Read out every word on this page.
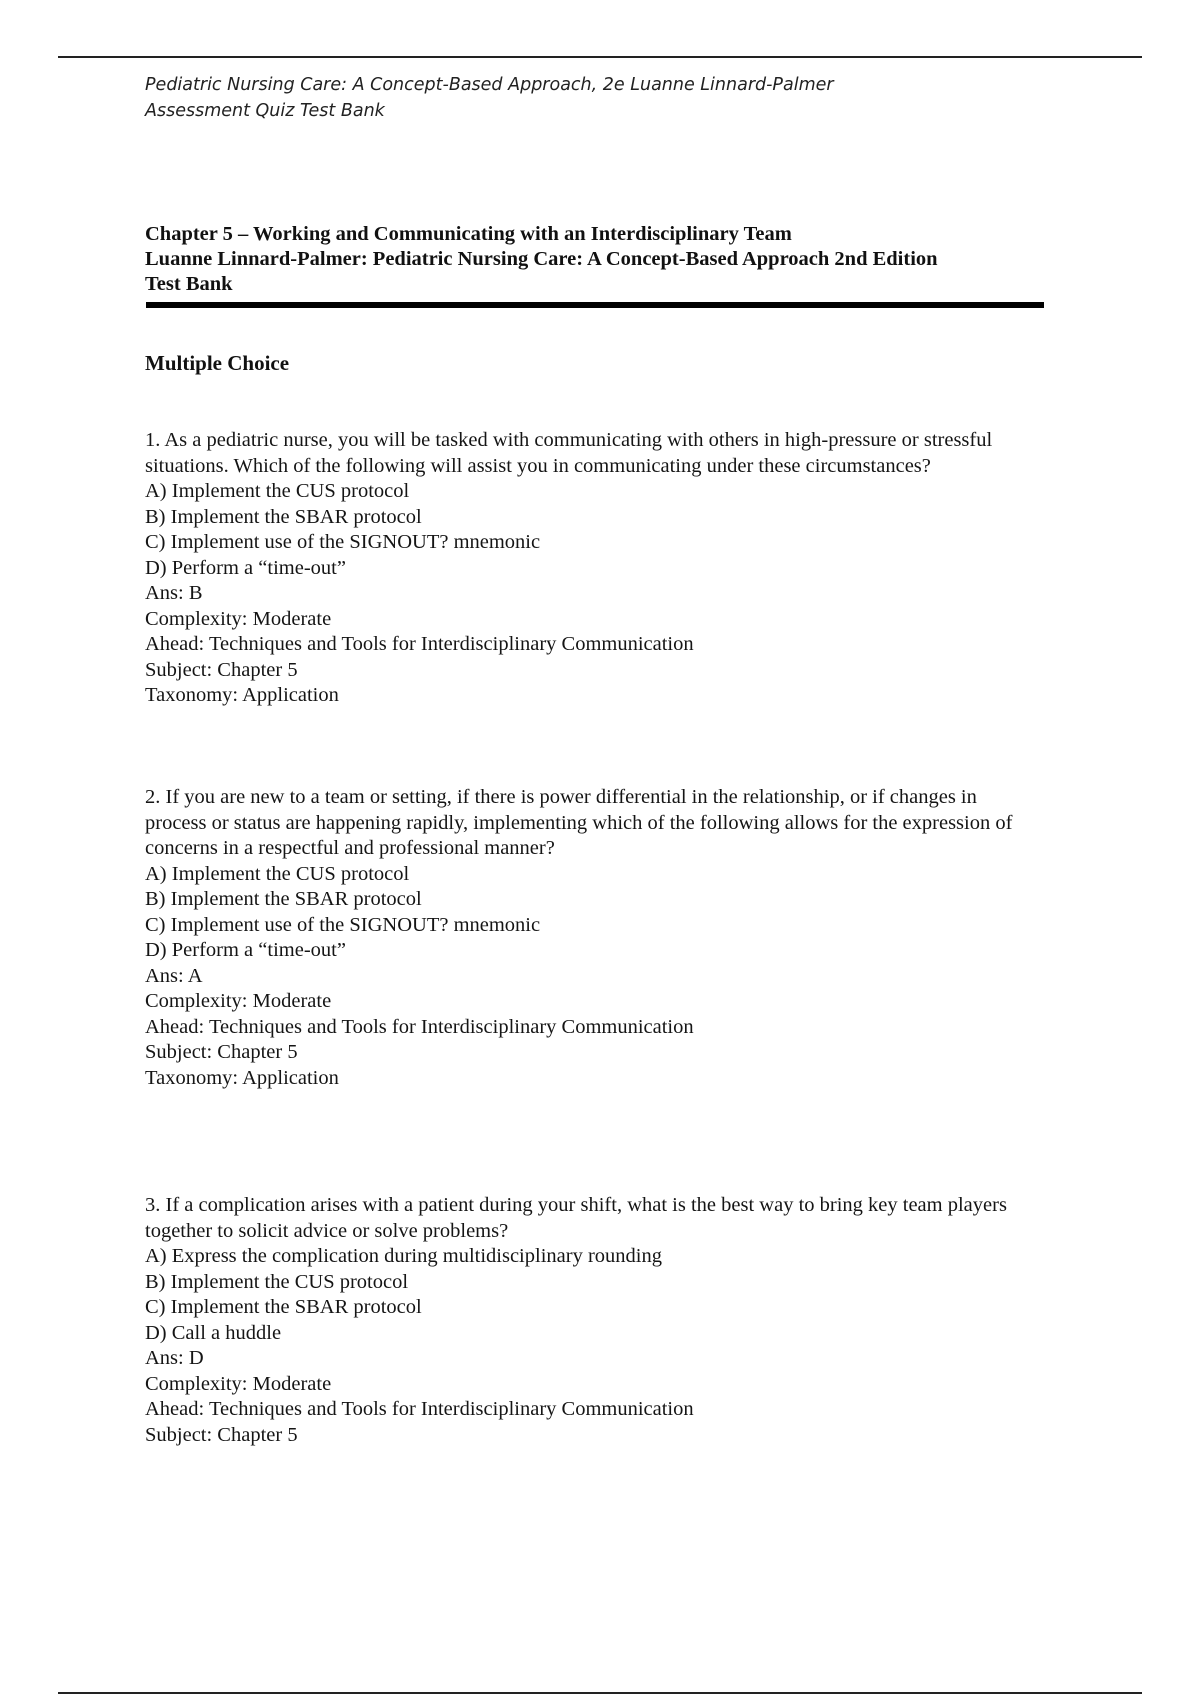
Pediatric Nursing Care: A Concept-Based Approach, 2e Luanne Linnard-Palmer
Assessment Quiz Test Bank
Chapter 5 – Working and Communicating with an Interdisciplinary Team
Luanne Linnard-Palmer: Pediatric Nursing Care: A Concept-Based Approach 2nd Edition
Test Bank
Multiple Choice
1. As a pediatric nurse, you will be tasked with communicating with others in high-pressure or stressful
situations. Which of the following will assist you in communicating under these circumstances?
A) Implement the CUS protocol
B) Implement the SBAR protocol
C) Implement use of the SIGNOUT? mnemonic
D) Perform a “time-out”
Ans: B
Complexity: Moderate
Ahead: Techniques and Tools for Interdisciplinary Communication
Subject: Chapter 5
Taxonomy: Application
2. If you are new to a team or setting, if there is power differential in the relationship, or if changes in
process or status are happening rapidly, implementing which of the following allows for the expression of
concerns in a respectful and professional manner?
A) Implement the CUS protocol
B) Implement the SBAR protocol
C) Implement use of the SIGNOUT? mnemonic
D) Perform a “time-out”
Ans: A
Complexity: Moderate
Ahead: Techniques and Tools for Interdisciplinary Communication
Subject: Chapter 5
Taxonomy: Application
3. If a complication arises with a patient during your shift, what is the best way to bring key team players
together to solicit advice or solve problems?
A) Express the complication during multidisciplinary rounding
B) Implement the CUS protocol
C) Implement the SBAR protocol
D) Call a huddle
Ans: D
Complexity: Moderate
Ahead: Techniques and Tools for Interdisciplinary Communication
Subject: Chapter 5
